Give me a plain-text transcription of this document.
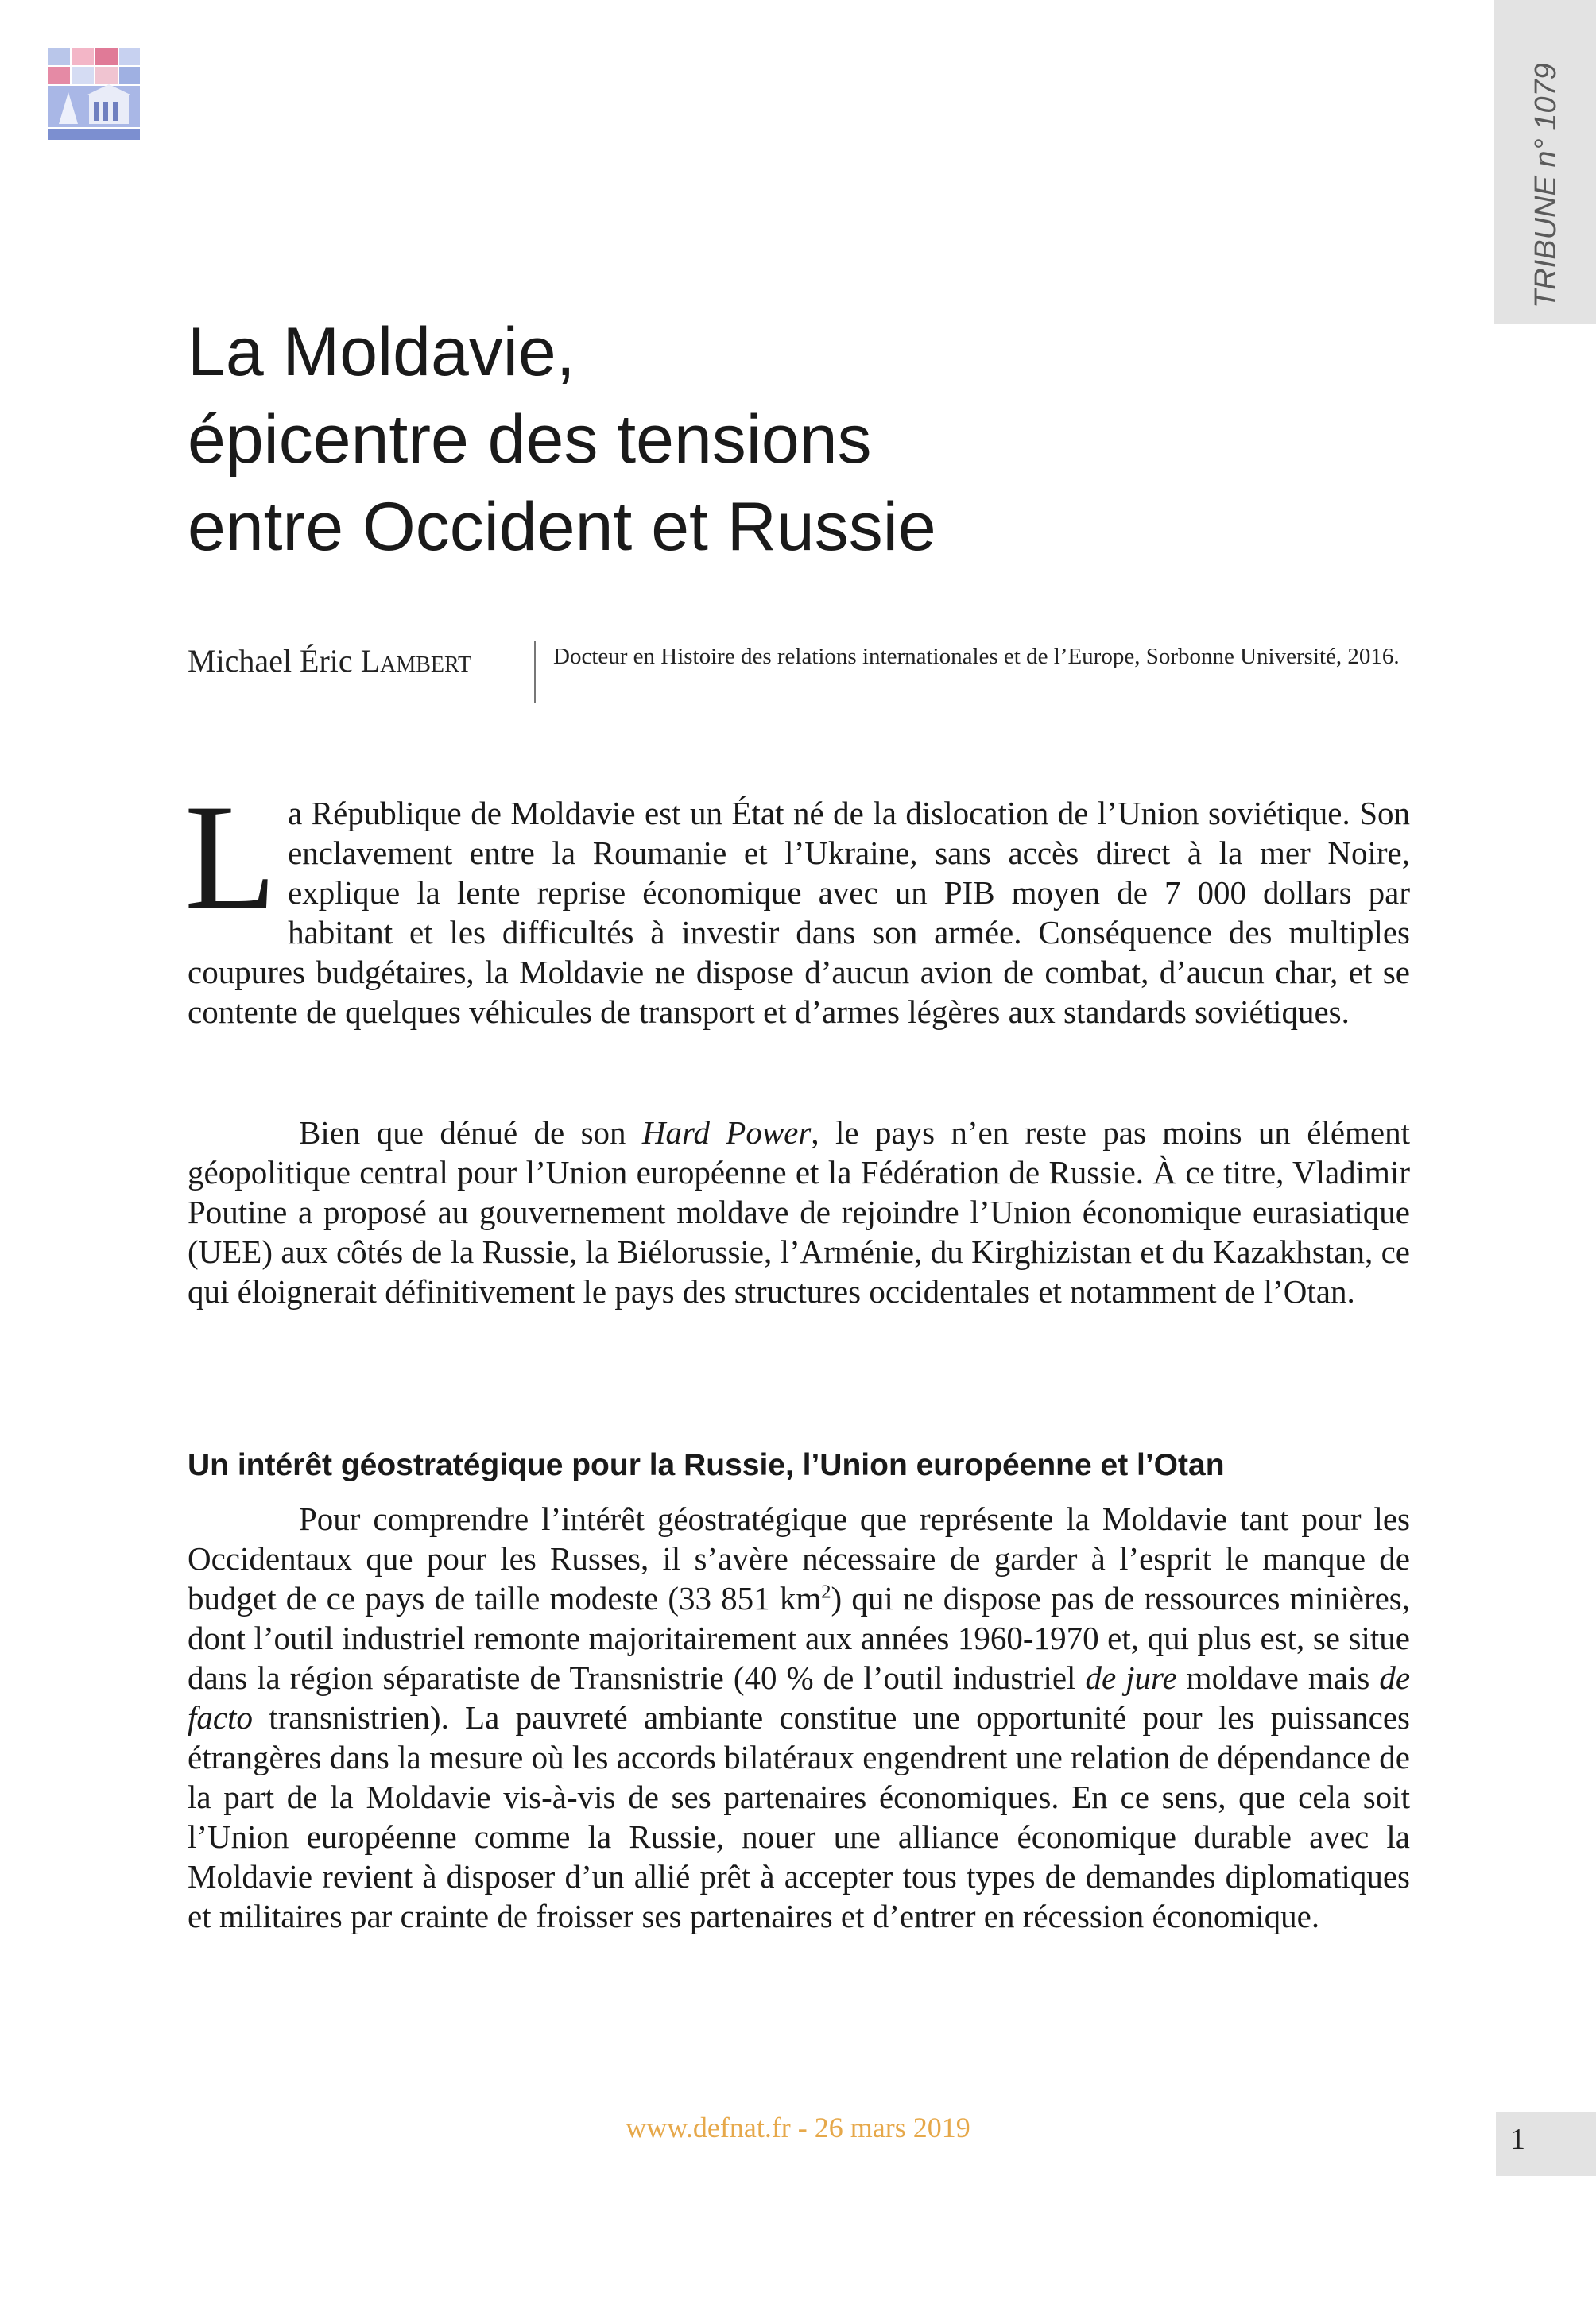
TRIBUNE n° 1079
La Moldavie,
épicentre des tensions
entre Occident et Russie
Michael Éric Lambert	Docteur en Histoire des relations internationales et de l’Europe, Sorbonne Université, 2016.

La République de Moldavie est un État né de la dislocation de l’Union soviétique. Son enclavement entre la Roumanie et l’Ukraine, sans accès direct à la mer Noire, explique la lente reprise économique avec un PIB moyen de 7 000 dollars par habitant et les difficultés à investir dans son armée. Conséquence des multiples coupures budgétaires, la Moldavie ne dispose d’aucun avion de combat, d’aucun char, et se contente de quelques véhicules de transport et d’armes légères aux standards soviétiques.

Bien que dénué de son Hard Power, le pays n’en reste pas moins un élément géopolitique central pour l’Union européenne et la Fédération de Russie. À ce titre, Vladimir Poutine a proposé au gouvernement moldave de rejoindre l’Union économique eurasiatique (UEE) aux côtés de la Russie, la Biélorussie, l’Arménie, du Kirghizistan et du Kazakhstan, ce qui éloignerait définitivement le pays des structures occidentales et notamment de l’Otan.

Un intérêt géostratégique pour la Russie, l’Union européenne et l’Otan

Pour comprendre l’intérêt géostratégique que représente la Moldavie tant pour les Occidentaux que pour les Russes, il s’avère nécessaire de garder à l’esprit le manque de budget de ce pays de taille modeste (33 851 $km^2$) qui ne dispose pas de ressources minières, dont l’outil industriel remonte majoritairement aux années 1960-1970 et, qui plus est, se situe dans la région séparatiste de Transnistrie (40 % de l’outil industriel de jure moldave mais de facto transnistrien). La pauvreté ambiante constitue une opportunité pour les puissances étrangères dans la mesure où les accords bilatéraux engendrent une relation de dépendance de la part de la Moldavie vis-à-vis de ses partenaires économiques. En ce sens, que cela soit l’Union européenne comme la Russie, nouer une alliance économique durable avec la Moldavie revient à disposer d’un allié prêt à accepter tous types de demandes diplomatiques et militaires par crainte de froisser ses partenaires et d’entrer en récession économique.

www.defnat.fr - 26 mars 2019	1
